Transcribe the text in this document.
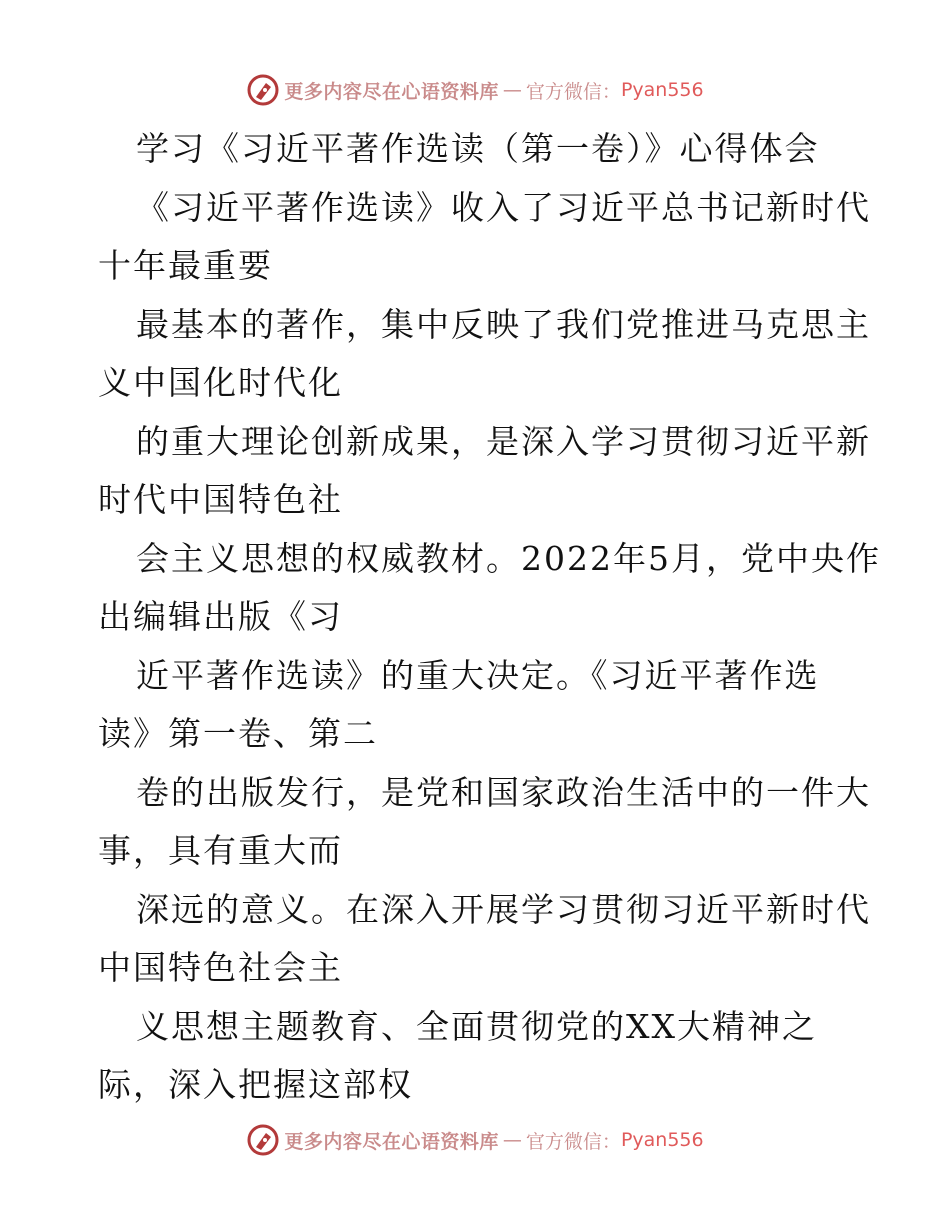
更多内容尽在心语资料库 — 官方微信： Pyan556
学习《习近平著作选读（第一卷）》心得体会
《习近平著作选读》收入了习近平总书记新时代
十年最重要
最基本的著作，集中反映了我们党推进马克思主
义中国化时代化
的重大理论创新成果，是深入学习贯彻习近平新
时代中国特色社
会主义思想的权威教材。2022年5月，党中央作
出编辑出版《习
近平著作选读》的重大决定。《习近平著作选
读》第一卷、第二
卷的出版发行，是党和国家政治生活中的一件大
事，具有重大而
深远的意义。在深入开展学习贯彻习近平新时代
中国特色社会主
义思想主题教育、全面贯彻党的XX大精神之
际，深入把握这部权
更多内容尽在心语资料库 — 官方微信： Pyan556
